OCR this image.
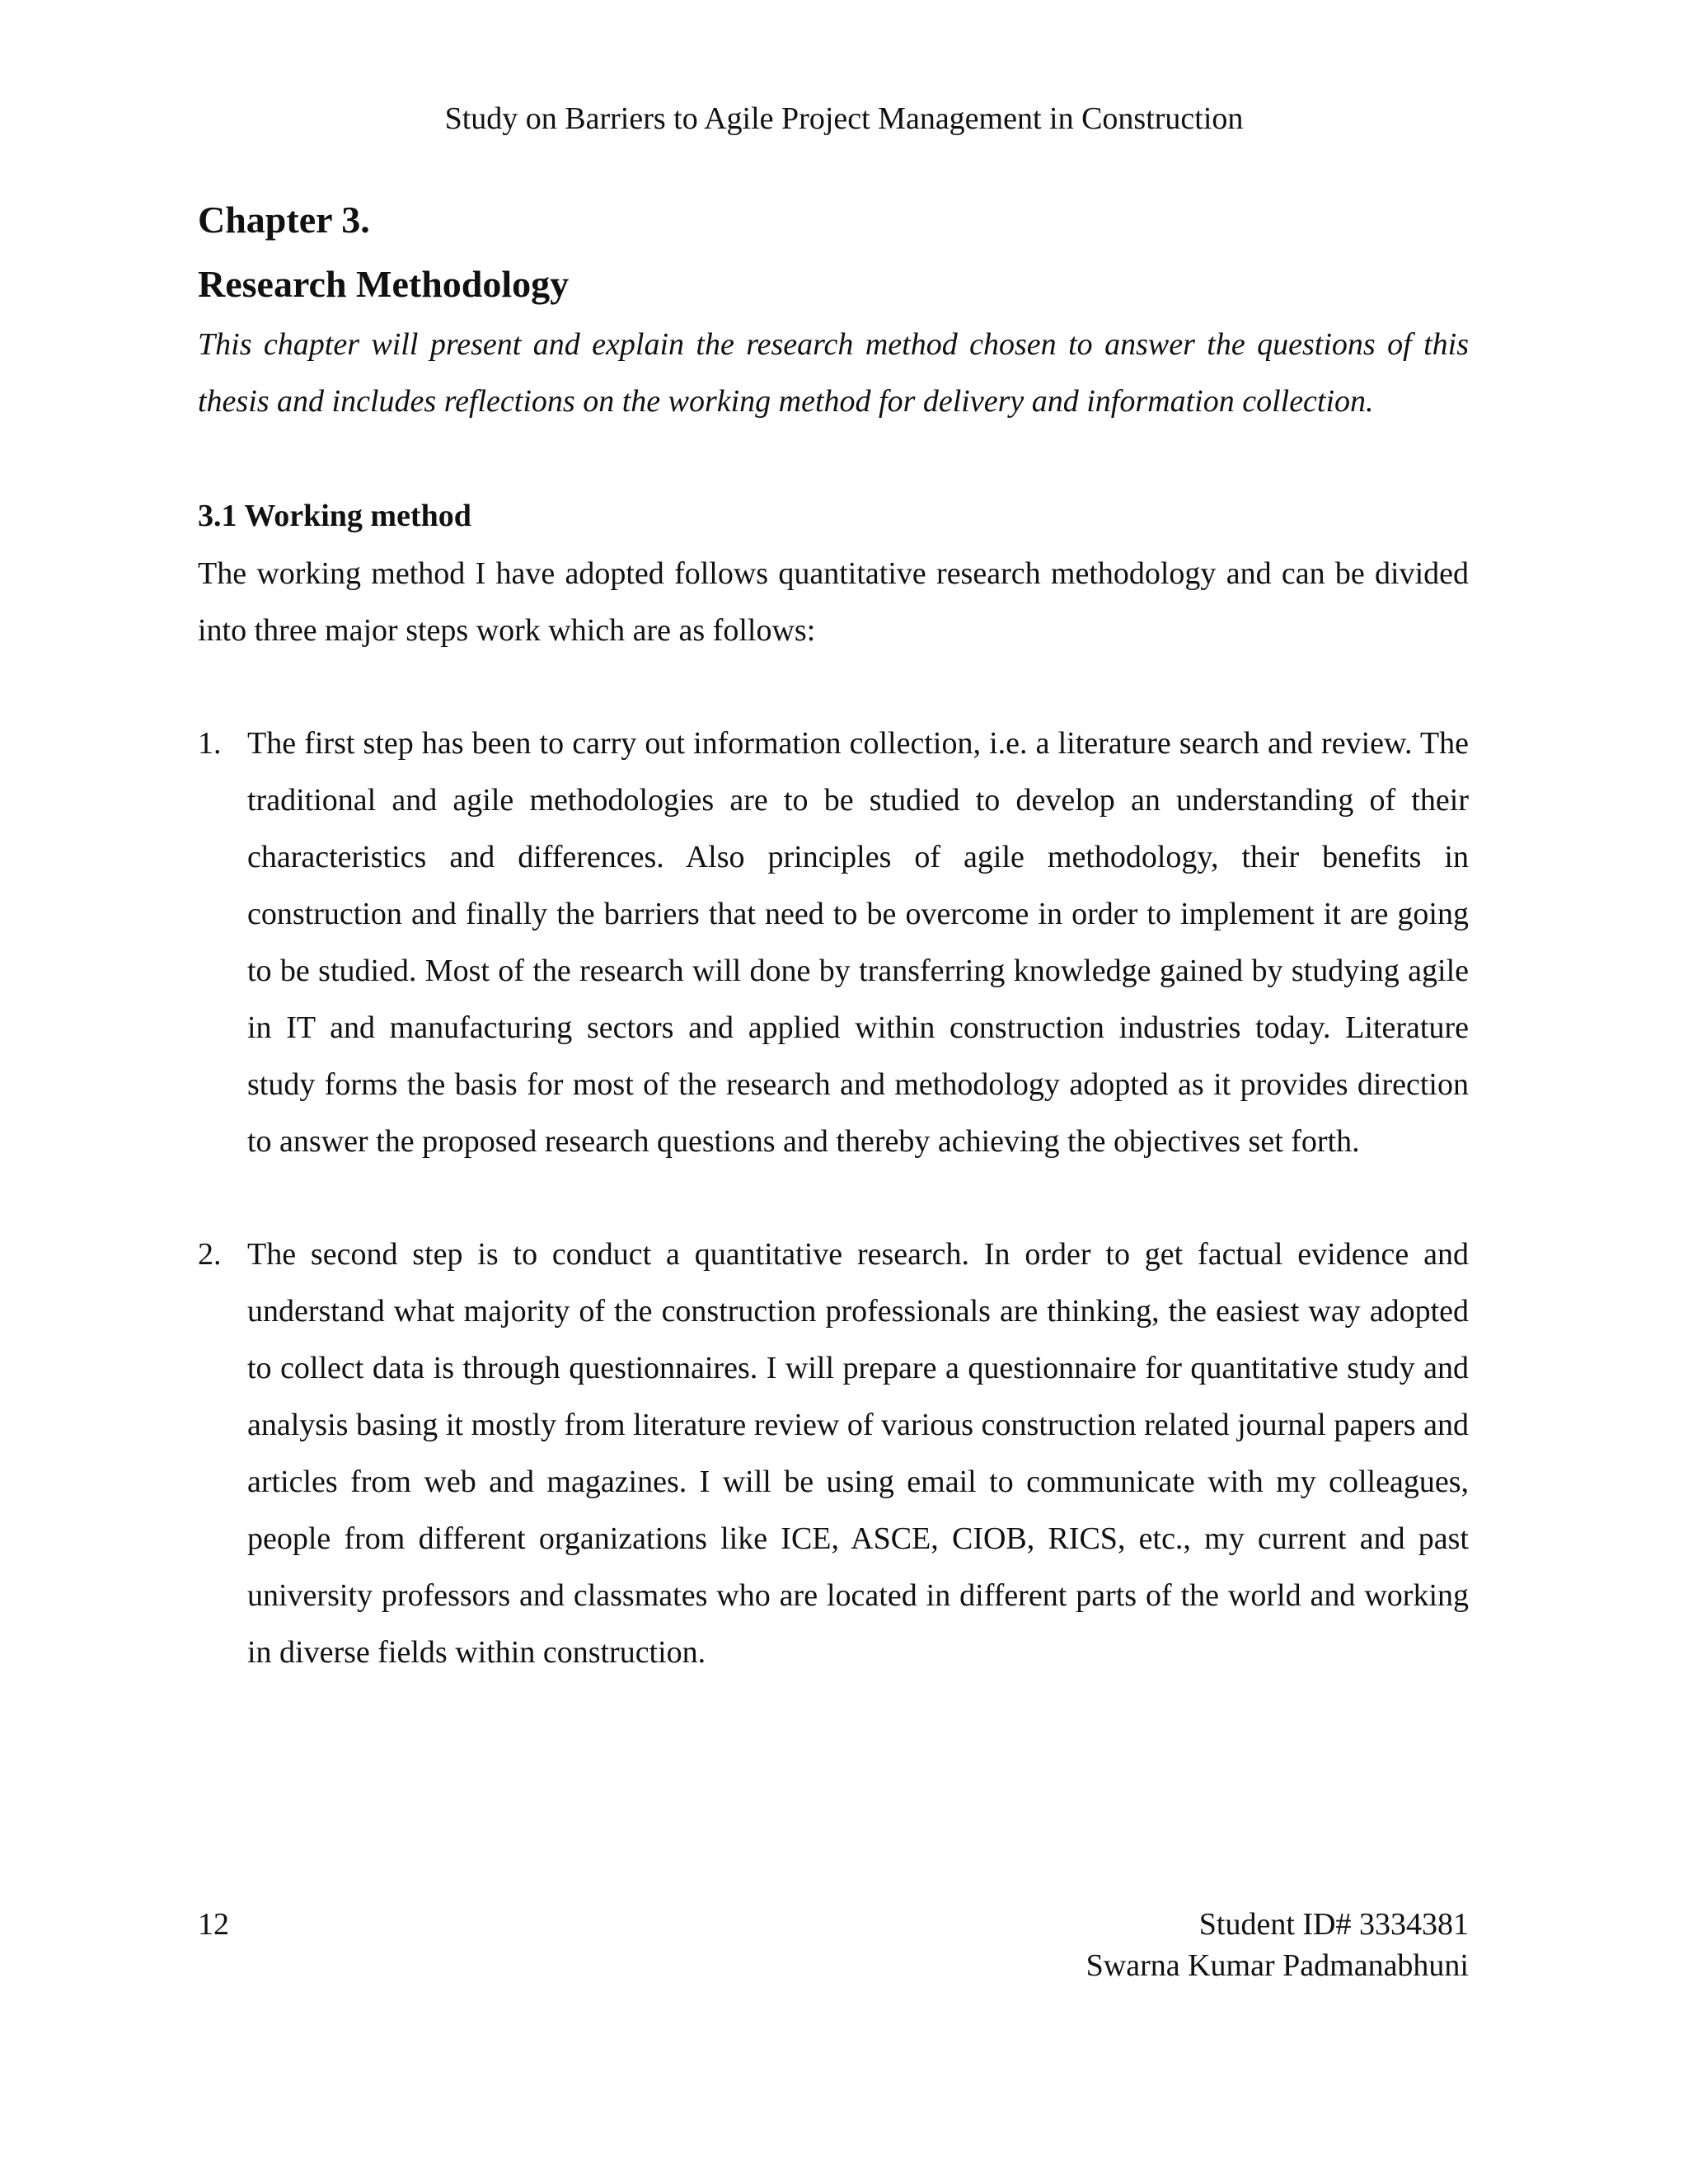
Study on Barriers to Agile Project Management in Construction
Chapter 3.
Research Methodology

This chapter will present and explain the research method chosen to answer the questions of this thesis and includes reflections on the working method for delivery and information collection.

3.1 Working method

The working method I have adopted follows quantitative research methodology and can be divided into three major steps work which are as follows:

1. The first step has been to carry out information collection, i.e. a literature search and review. The traditional and agile methodologies are to be studied to develop an understanding of their characteristics and differences. Also principles of agile methodology, their benefits in construction and finally the barriers that need to be overcome in order to implement it are going to be studied. Most of the research will done by transferring knowledge gained by studying agile in IT and manufacturing sectors and applied within construction industries today. Literature study forms the basis for most of the research and methodology adopted as it provides direction to answer the proposed research questions and thereby achieving the objectives set forth.
2. The second step is to conduct a quantitative research. In order to get factual evidence and understand what majority of the construction professionals are thinking, the easiest way adopted to collect data is through questionnaires. I will prepare a questionnaire for quantitative study and analysis basing it mostly from literature review of various construction related journal papers and articles from web and magazines. I will be using email to communicate with my colleagues, people from different organizations like ICE, ASCE, CIOB, RICS, etc., my current and past university professors and classmates who are located in different parts of the world and working in diverse fields within construction.
12	Student ID# 3334381
Swarna Kumar Padmanabhuni
